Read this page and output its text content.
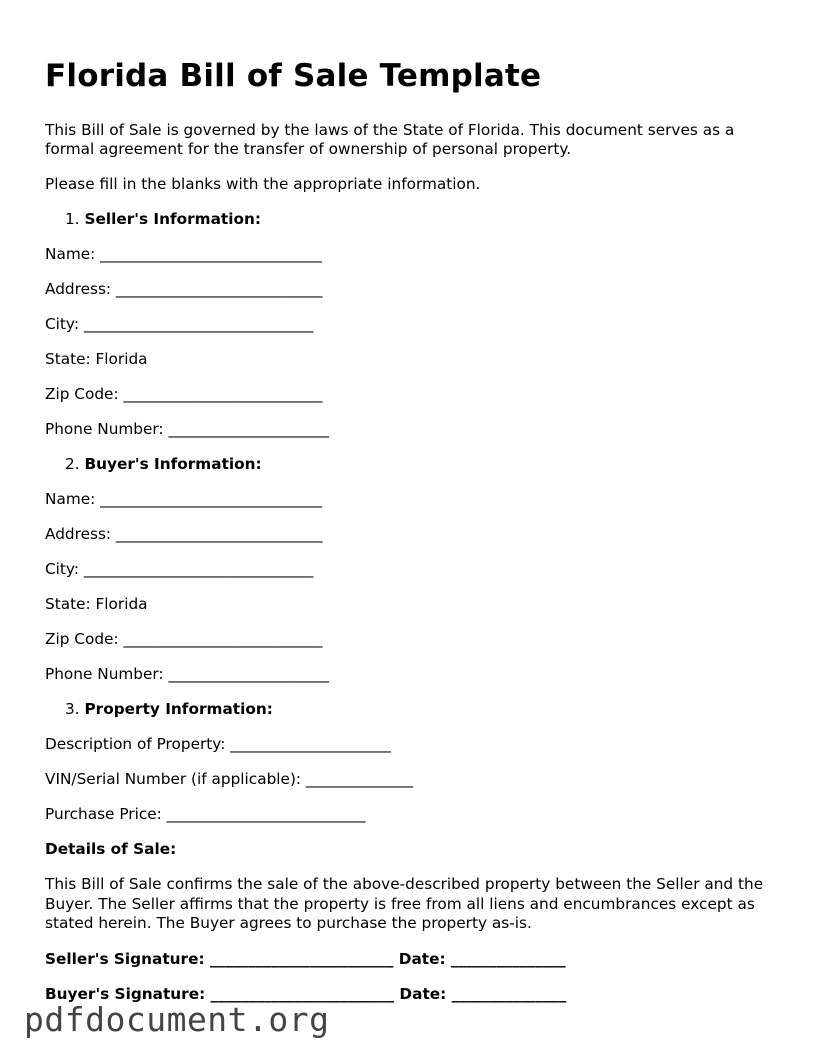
Florida Bill of Sale Template

This Bill of Sale is governed by the laws of the State of Florida. This document serves as a formal agreement for the transfer of ownership of personal property.

Please fill in the blanks with the appropriate information.

1. Seller's Information:
Name: _____________________________
Address: ___________________________
City: ______________________________
State: Florida
Zip Code: __________________________
Phone Number: _____________________
2. Buyer's Information:
Name: _____________________________
Address: ___________________________
City: ______________________________
State: Florida
Zip Code: __________________________
Phone Number: _____________________
3. Property Information:
Description of Property: _____________________
VIN/Serial Number (if applicable): ______________
Purchase Price: __________________________
Details of Sale:

This Bill of Sale confirms the sale of the above-described property between the Seller and the Buyer. The Seller affirms that the property is free from all liens and encumbrances except as stated herein. The Buyer agrees to purchase the property as-is.

Seller's Signature: ________________________ Date: _______________
Buyer's Signature: ________________________ Date: _______________
pdfdocument.org
